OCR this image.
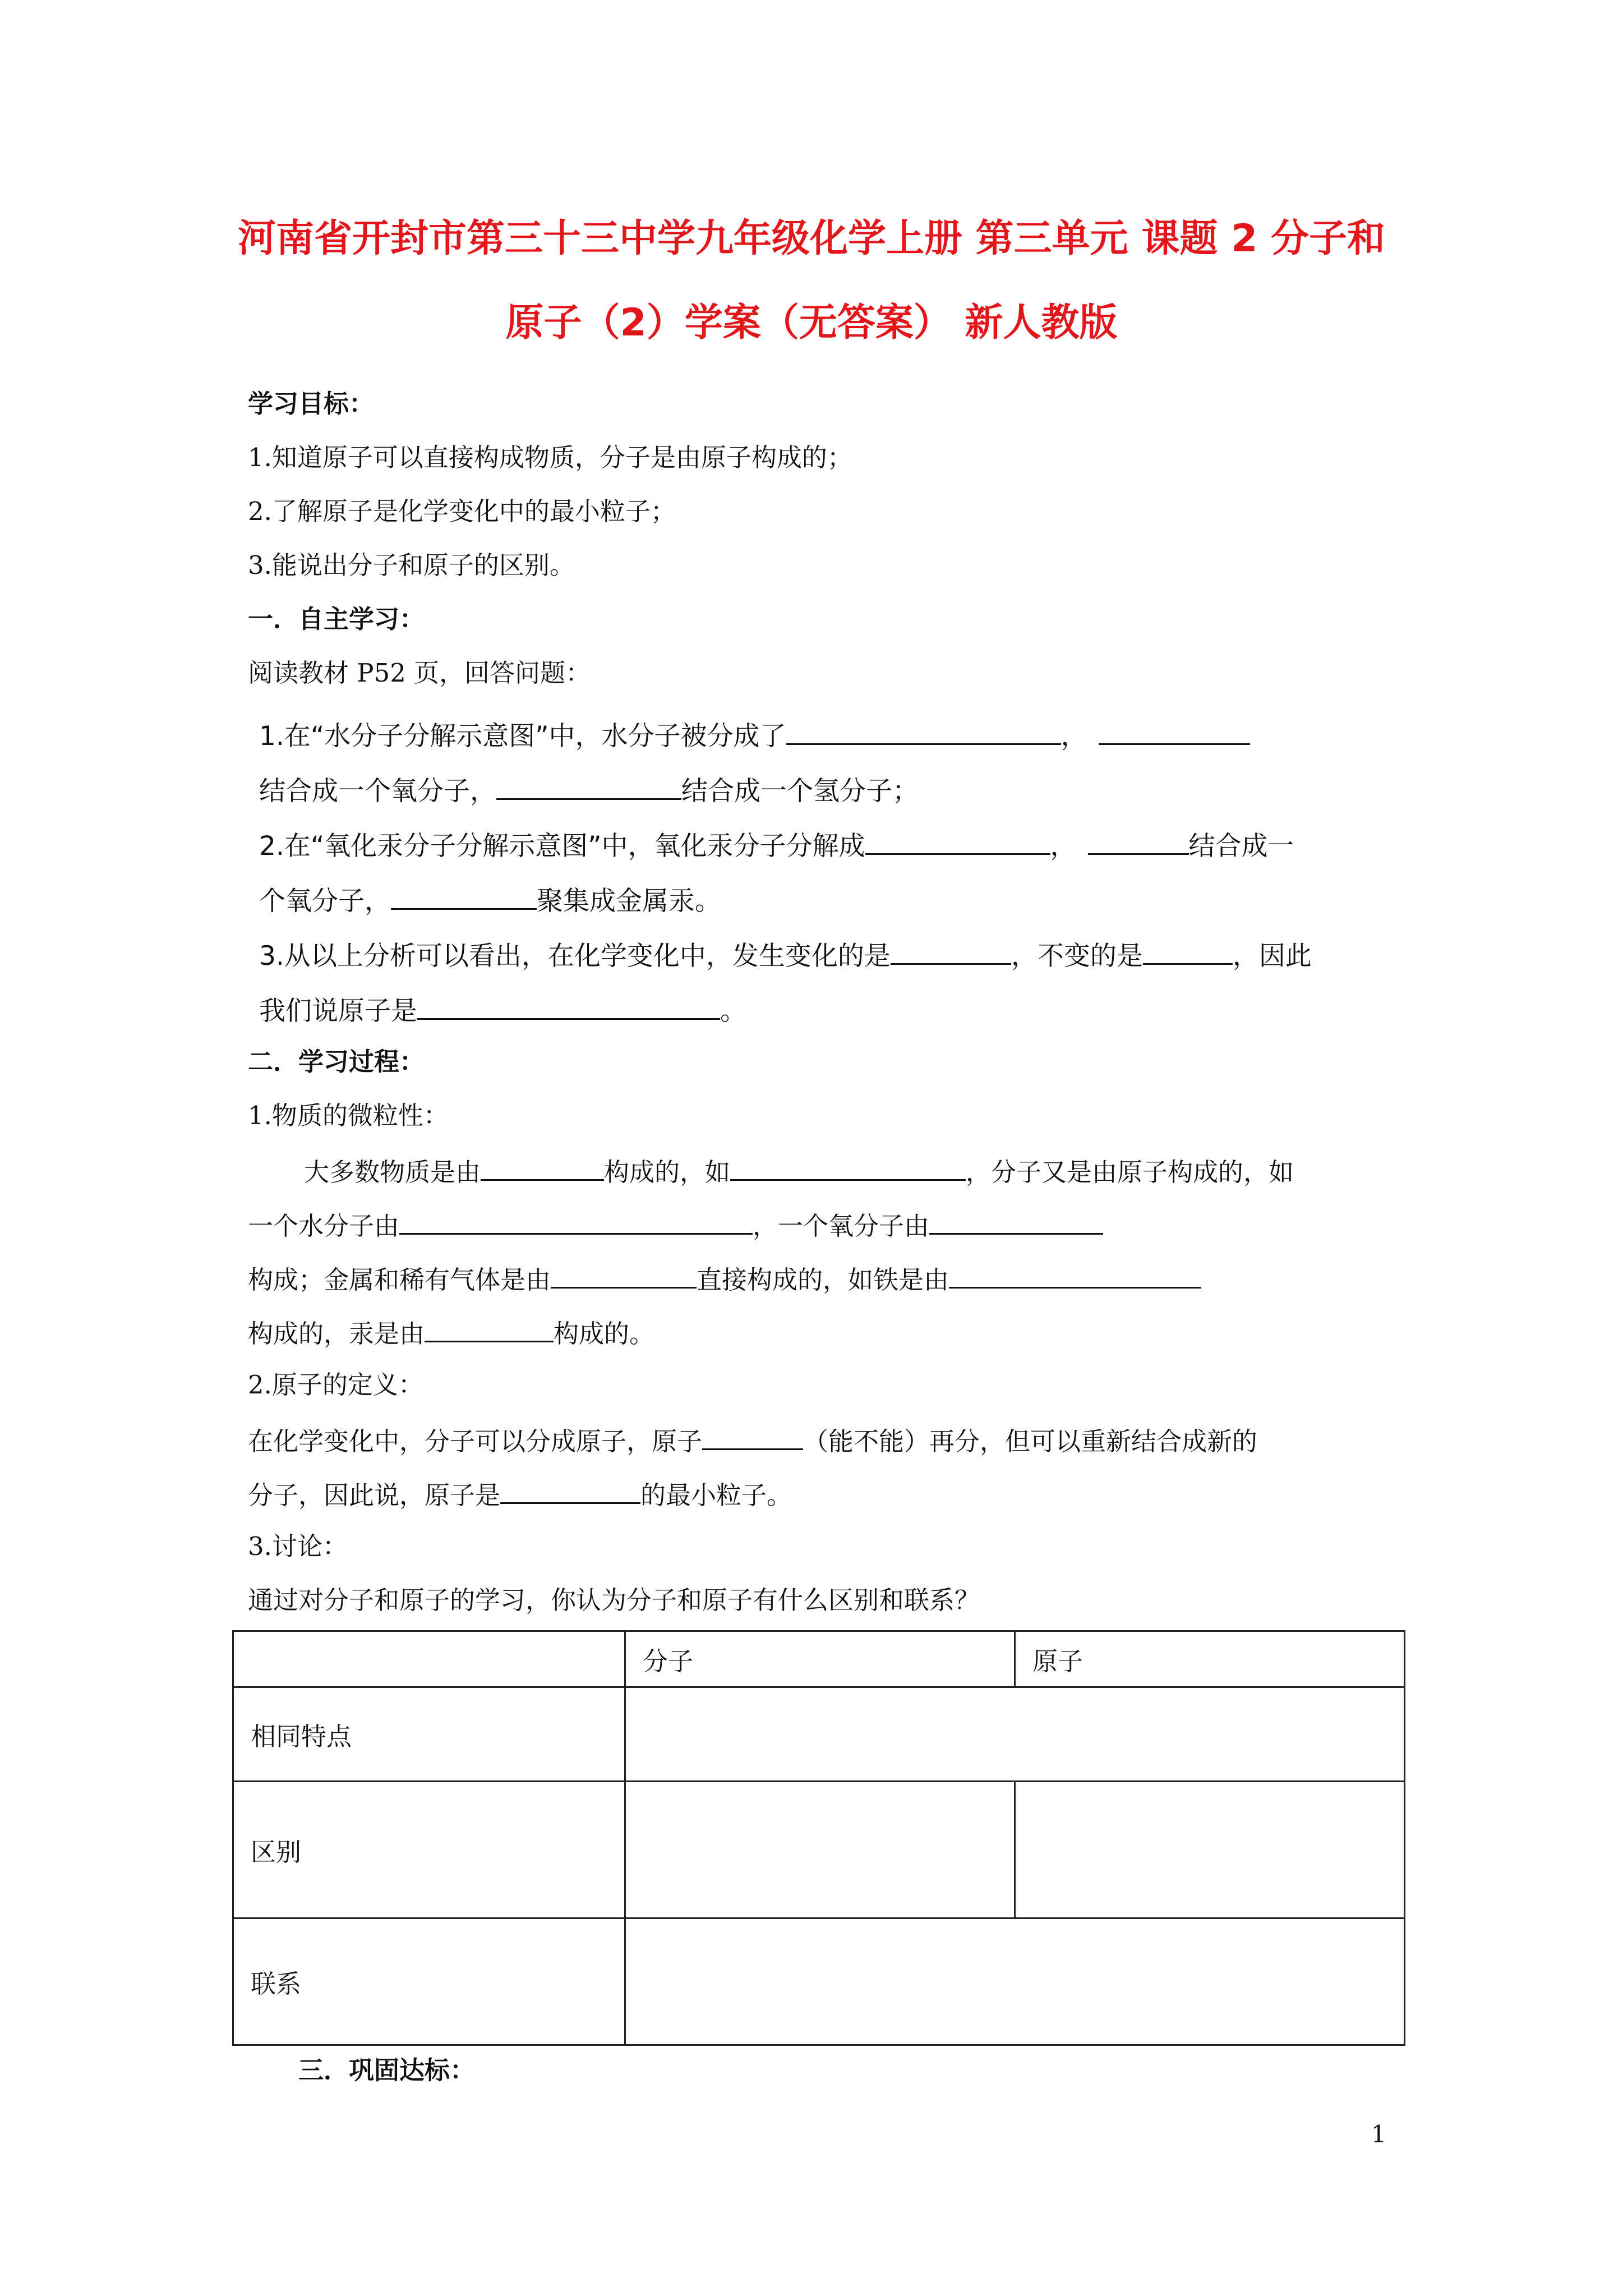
河南省开封市第三十三中学九年级化学上册 第三单元 课题 2 分子和
原子（2）学案（无答案） 新人教版
学习目标：
1.知道原子可以直接构成物质，分子是由原子构成的；
2.了解原子是化学变化中的最小粒子；
3.能说出分子和原子的区别。
一．自主学习：
阅读教材 P52 页，回答问题：
1.在“水分子分解示意图”中，水分子被分成了	，
结合成一个氧分子，	结合成一个氢分子；
2.在“氧化汞分子分解示意图”中，氧化汞分子分解成	，	结合成一
个氧分子，	聚集成金属汞。
3.从以上分析可以看出，在化学变化中，发生变化的是	，不变的是	，因此
我们说原子是	。
二．学习过程：
1.物质的微粒性：
大多数物质是由	构成的，如	，分子又是由原子构成的，如
一个水分子由	，一个氧分子由
构成；金属和稀有气体是由	直接构成的，如铁是由
构成的，汞是由	构成的。
2.原子的定义：
在化学变化中，分子可以分成原子，原子	（能不能）再分，但可以重新结合成新的
分子，因此说，原子是	的最小粒子。
3.讨论：
通过对分子和原子的学习，你认为分子和原子有什么区别和联系？
	分子	原子
相同特点		
区别		
联系		
三．巩固达标：
1
